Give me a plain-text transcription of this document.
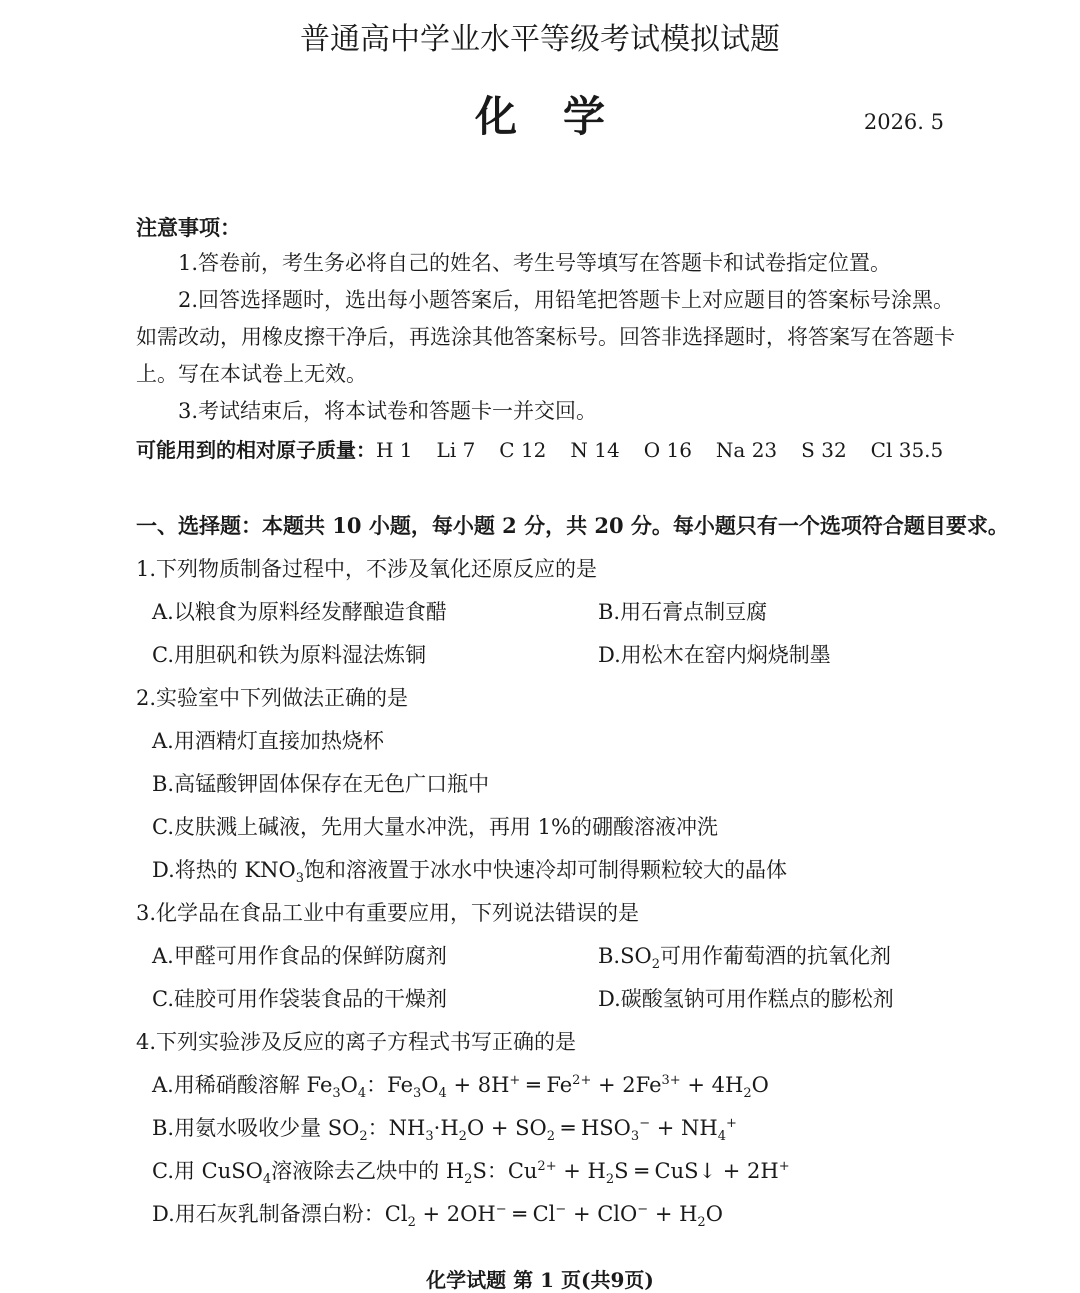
普通高中学业水平等级考试模拟试题
化学	2026. 5
注意事项：
1.答卷前，考生务必将自己的姓名、考生号等填写在答题卡和试卷指定位置。
2.回答选择题时，选出每小题答案后，用铅笔把答题卡上对应题目的答案标号涂黑。
如需改动，用橡皮擦干净后，再选涂其他答案标号。回答非选择题时，将答案写在答题卡
上。写在本试卷上无效。
3.考试结束后，将本试卷和答题卡一并交回。
可能用到的相对原子质量：H 1 Li 7 C 12 N 14 O 16 Na 23 S 32 Cl 35.5
一、选择题：本题共 10 小题，每小题 2 分，共 20 分。每小题只有一个选项符合题目要求。
1.下列物质制备过程中，不涉及氧化还原反应的是
A.以粮食为原料经发酵酿造食醋	B.用石膏点制豆腐
C.用胆矾和铁为原料湿法炼铜	D.用松木在窑内焖烧制墨
2.实验室中下列做法正确的是
A.用酒精灯直接加热烧杯
B.高锰酸钾固体保存在无色广口瓶中
C.皮肤溅上碱液，先用大量水冲洗，再用 1%的硼酸溶液冲洗
D.将热的 $KNO_3$饱和溶液置于冰水中快速冷却可制得颗粒较大的晶体
3.化学品在食品工业中有重要应用，下列说法错误的是
A.甲醛可用作食品的保鲜防腐剂	$B.SO_2$可用作葡萄酒的抗氧化剂
C.硅胶可用作袋装食品的干燥剂	D.碳酸氢钠可用作糕点的膨松剂
4.下列实验涉及反应的离子方程式书写正确的是
A.用稀硝酸溶解 $Fe_3O_4$：$Fe_3O_4 + 8H^+$ ═ $Fe^{2+} + 2Fe^{3+} + 4H_2O$
B.用氨水吸收少量 $SO_2$：$NH_3\cdot H_2O + SO_2$ ═ $HSO_3^- + NH_4^+$
C.用 CuSO$_4$溶液除去乙炔中的 $H_2S$：$Cu^{2+} + H_2S$ ═ CuS↓ + 2H+
D.用石灰乳制备漂白粉：$Cl_2 + 2OH^-$ ═ $Cl^- + ClO^- + H_2O$
化学试题 第 1 页(共9页)
